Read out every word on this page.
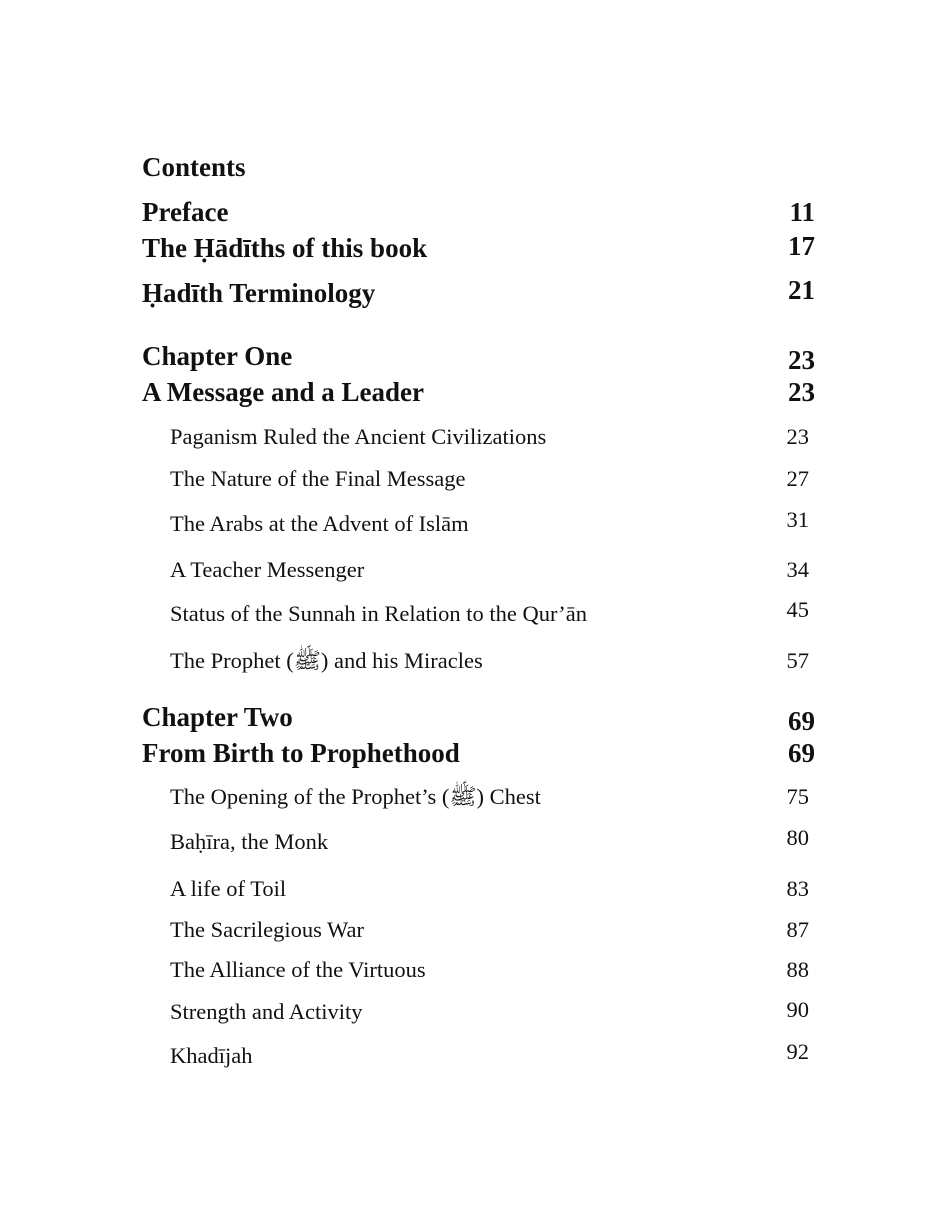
Contents
Preface	11
The Ḥādīths of this book	17
Ḥadīth Terminology	21
Chapter One	23
A Message and a Leader	23
Paganism Ruled the Ancient Civilizations	23
The Nature of the Final Message	27
The Arabs at the Advent of Islām	31
A Teacher Messenger	34
Status of the Sunnah in Relation to the Qur’ān	45
The Prophet (ﷺ) and his Miracles	57
Chapter Two	69
From Birth to Prophethood	69
The Opening of the Prophet’s (ﷺ) Chest	75
Baḥīra, the Monk	80
A life of Toil	83
The Sacrilegious War	87
The Alliance of the Virtuous	88
Strength and Activity	90
Khadījah	92
